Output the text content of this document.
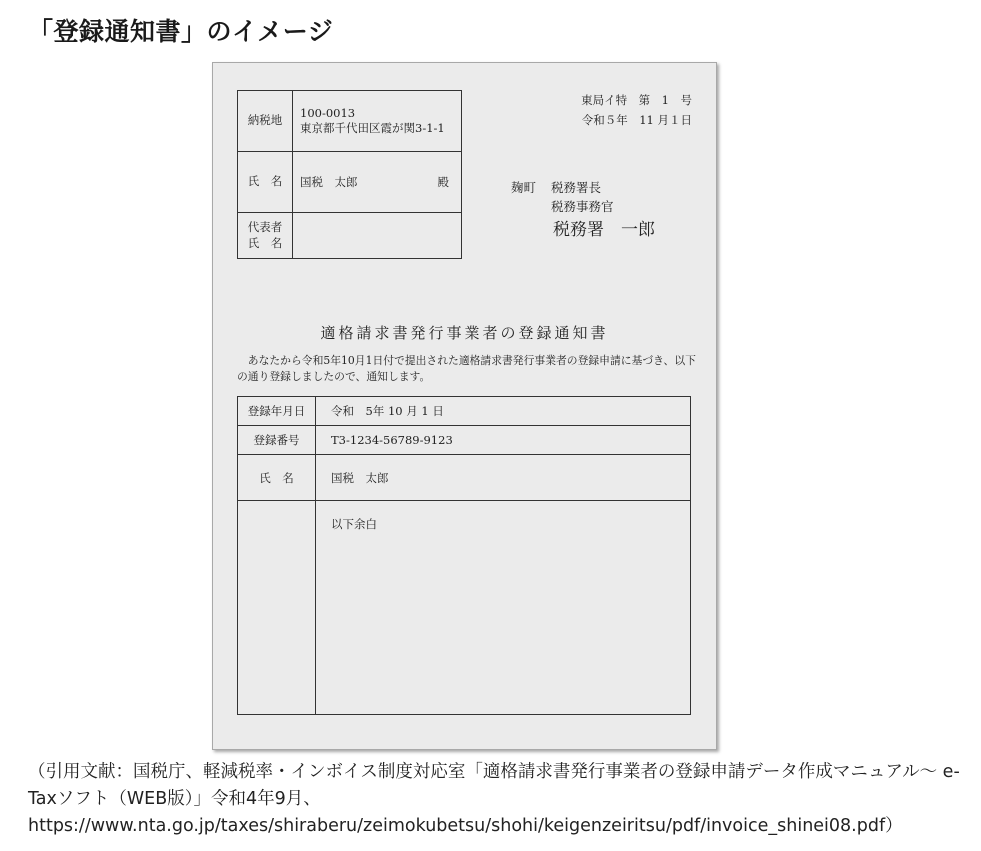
「登録通知書」のイメージ
納税地	100-0013
東京都千代田区霞が関3-1-1

氏　名	国税　太郎 殿

代表者
氏　名	

東局イ特　第　1　号
令和５年　11 月１日
麹町	税務署長
税務事務官
税務署　一郎
適格請求書発行事業者の登録通知書
あなたから令和5年10月1日付で提出された適格請求書発行事業者の登録申請に基づき、以下の通り登録しましたので、通知します。
登録年月日	令和　5年 10 月 1 日
登録番号	T3-1234-56789-9123
氏　名	国税　太郎
	以下余白
（引用文献：国税庁、軽減税率・インボイス制度対応室「適格請求書発行事業者の登録申請データ作成マニュアル〜 e-Taxソフト（WEB版）」令和4年9月、https://www.nta.go.jp/taxes/shiraberu/zeimokubetsu/shohi/keigenzeiritsu/pdf/invoice_shinei08.pdf）
